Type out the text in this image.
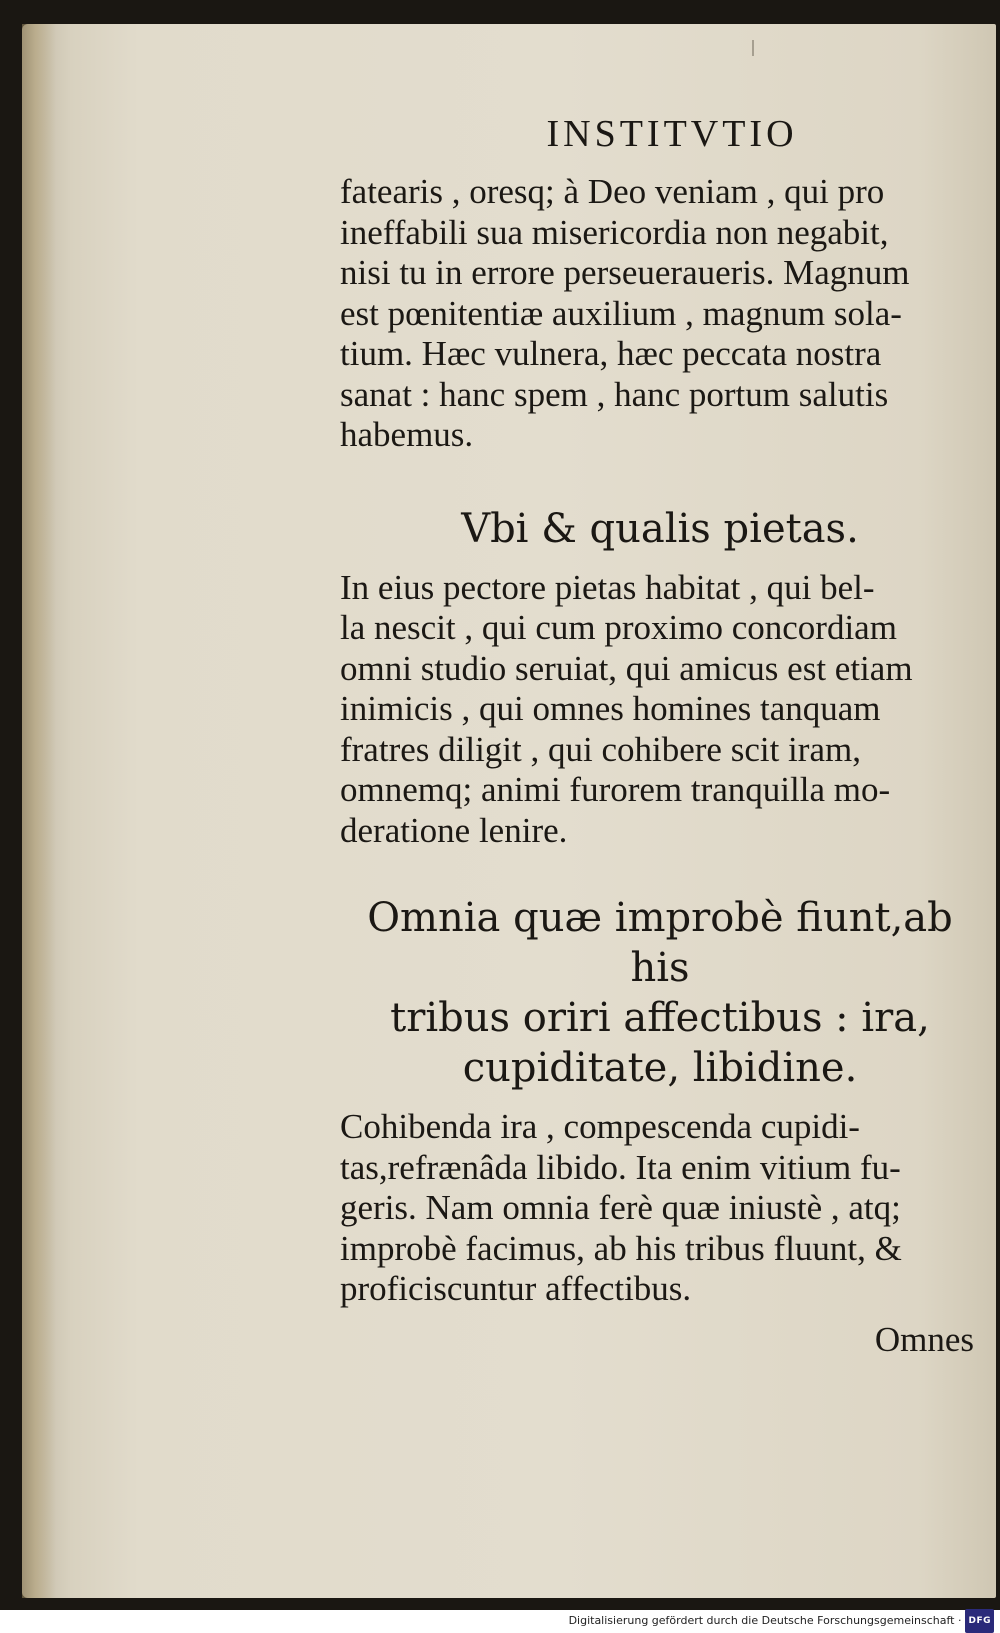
INSTITVTIO

fatearis , oresq; à Deo veniam , qui pro
ineffabili sua misericordia non negabit,
nisi tu in errore perseueraueris. Magnum
est pœnitentiæ auxilium , magnum sola-
tium. Hæc vulnera, hæc peccata nostra
sanat : hanc spem , hanc portum salutis
habemus.

Vbi & qualis pietas.

In eius pectore pietas habitat , qui bel-
la nescit , qui cum proximo concordiam
omni studio seruiat, qui amicus est etiam
inimicis , qui omnes homines tanquam
fratres diligit , qui cohibere scit iram,
omnemq; animi furorem tranquilla mo-
deratione lenire.

Omnia quæ improbè fiunt,ab his
tribus oriri affectibus : ira,
cupiditate, libidine.

Cohibenda ira , compescenda cupidi-
tas,refrænâda libido. Ita enim vitium fu-
geris. Nam omnia ferè quæ iniustè , atq;
improbè facimus, ab his tribus fluunt, &
proficiscuntur affectibus.

Omnes
Digitalisierung gefördert durch die Deutsche Forschungsgemeinschaft · DFG
